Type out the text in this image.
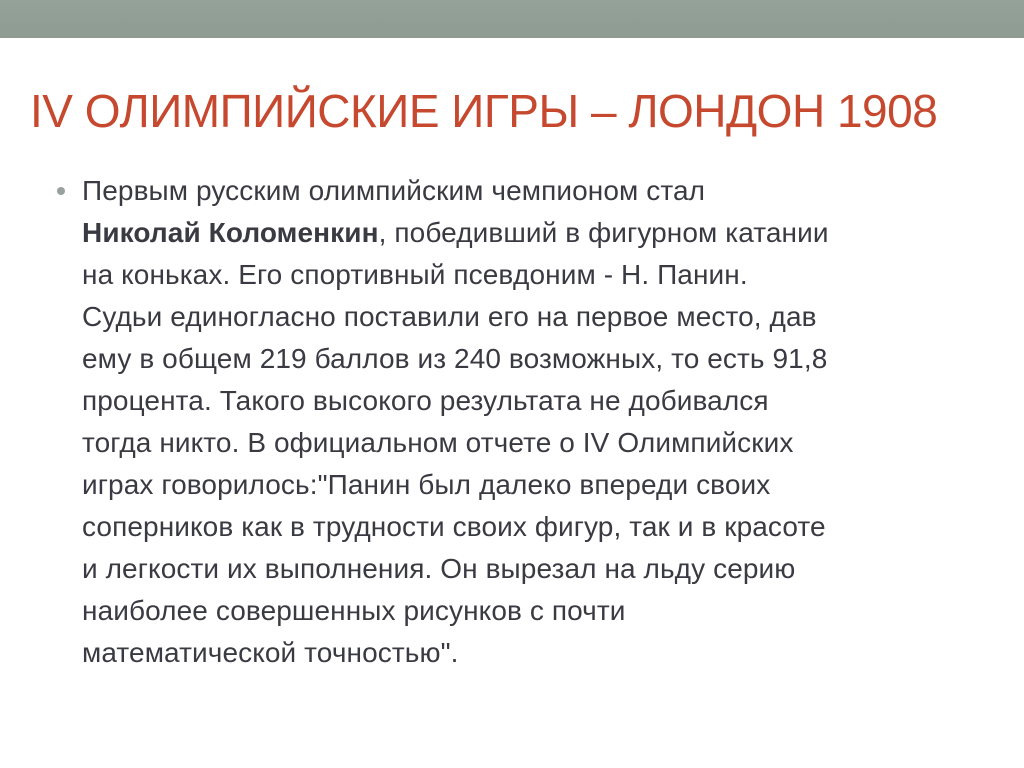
IV ОЛИМПИЙСКИЕ ИГРЫ – ЛОНДОН 1908
Первым русским олимпийским чемпионом стал
Николай Коломенкин, победивший в фигурном катании
на коньках. Его спортивный псевдоним - Н. Панин.
Судьи единогласно поставили его на первое место, дав
ему в общем 219 баллов из 240 возможных, то есть 91,8
процента. Такого высокого результата не добивался
тогда никто. В официальном отчете о IV Олимпийских
играх говорилось:"Панин был далеко впереди своих
соперников как в трудности своих фигур, так и в красоте
и легкости их выполнения. Он вырезал на льду серию
наиболее совершенных рисунков с почти
математической точностью".
